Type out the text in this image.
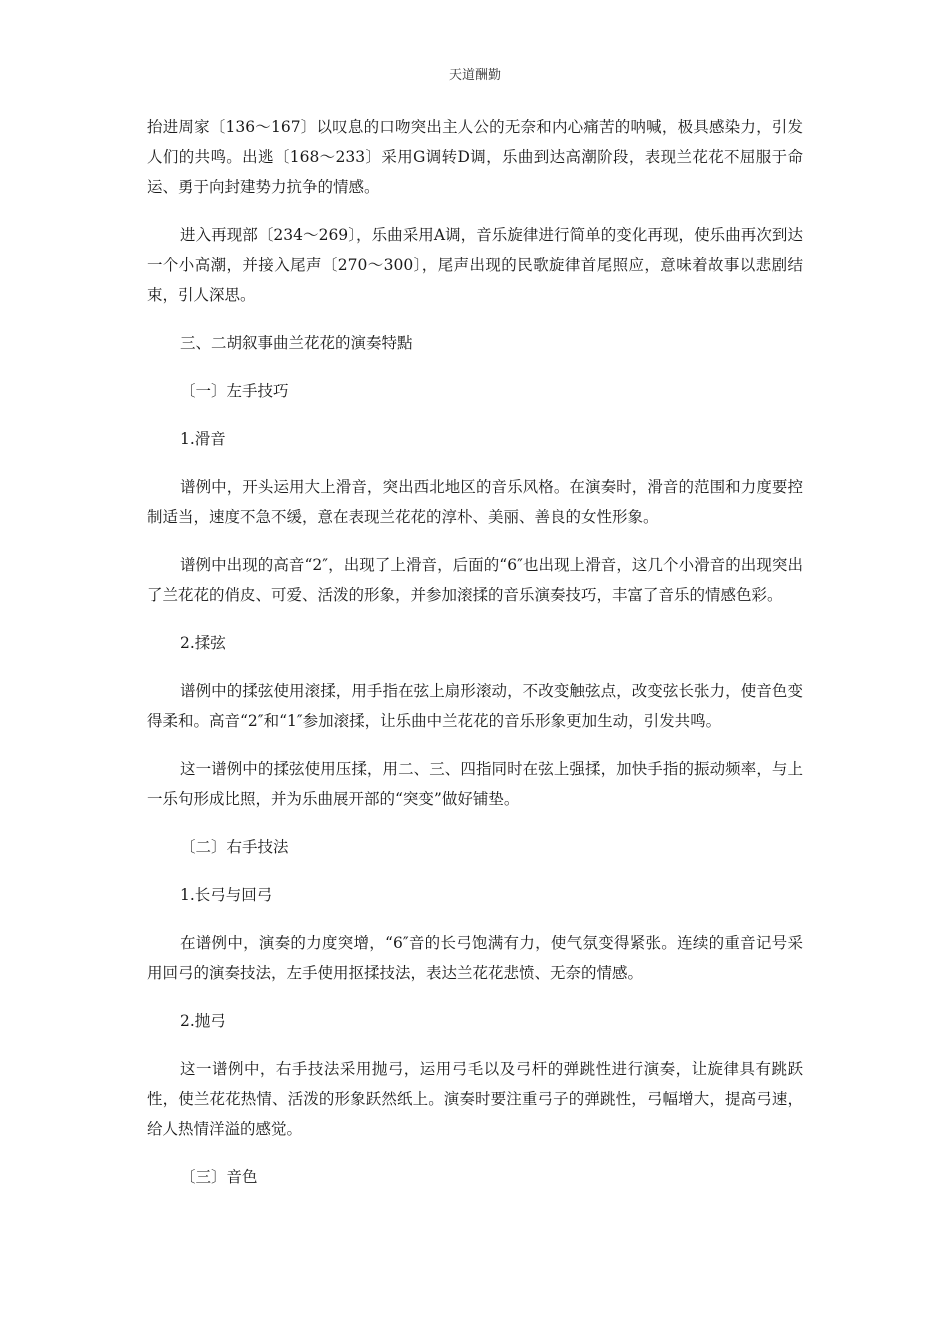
天道酬勤

抬进周家〔136～167〕以叹息的口吻突出主人公的无奈和内心痛苦的呐喊，极具感染力，引发人们的共鸣。出逃〔168～233〕采用G调转D调，乐曲到达高潮阶段，表现兰花花不屈服于命运、勇于向封建势力抗争的情感。

进入再现部〔234～269〕，乐曲采用A调，音乐旋律进行简单的变化再现，使乐曲再次到达一个小高潮，并接入尾声〔270～300〕，尾声出现的民歌旋律首尾照应，意味着故事以悲剧结束，引人深思。

三、二胡叙事曲兰花花的演奏特點

〔一〕左手技巧

1.滑音

谱例中，开头运用大上滑音，突出西北地区的音乐风格。在演奏时，滑音的范围和力度要控制适当，速度不急不缓，意在表现兰花花的淳朴、美丽、善良的女性形象。

谱例中出现的高音“2″，出现了上滑音，后面的“6″也出现上滑音，这几个小滑音的出现突出了兰花花的俏皮、可爱、活泼的形象，并参加滚揉的音乐演奏技巧，丰富了音乐的情感色彩。

2.揉弦

谱例中的揉弦使用滚揉，用手指在弦上扇形滚动，不改变触弦点，改变弦长张力，使音色变得柔和。高音“2″和“1″参加滚揉，让乐曲中兰花花的音乐形象更加生动，引发共鸣。

这一谱例中的揉弦使用压揉，用二、三、四指同时在弦上强揉，加快手指的振动频率，与上一乐句形成比照，并为乐曲展开部的“突变”做好铺垫。

〔二〕右手技法

1.长弓与回弓

在谱例中，演奏的力度突增，“6″音的长弓饱满有力，使气氛变得紧张。连续的重音记号采用回弓的演奏技法，左手使用抠揉技法，表达兰花花悲愤、无奈的情感。

2.抛弓

这一谱例中，右手技法采用抛弓，运用弓毛以及弓杆的弹跳性进行演奏，让旋律具有跳跃性，使兰花花热情、活泼的形象跃然纸上。演奏时要注重弓子的弹跳性，弓幅增大，提高弓速，给人热情洋溢的感觉。

〔三〕音色
